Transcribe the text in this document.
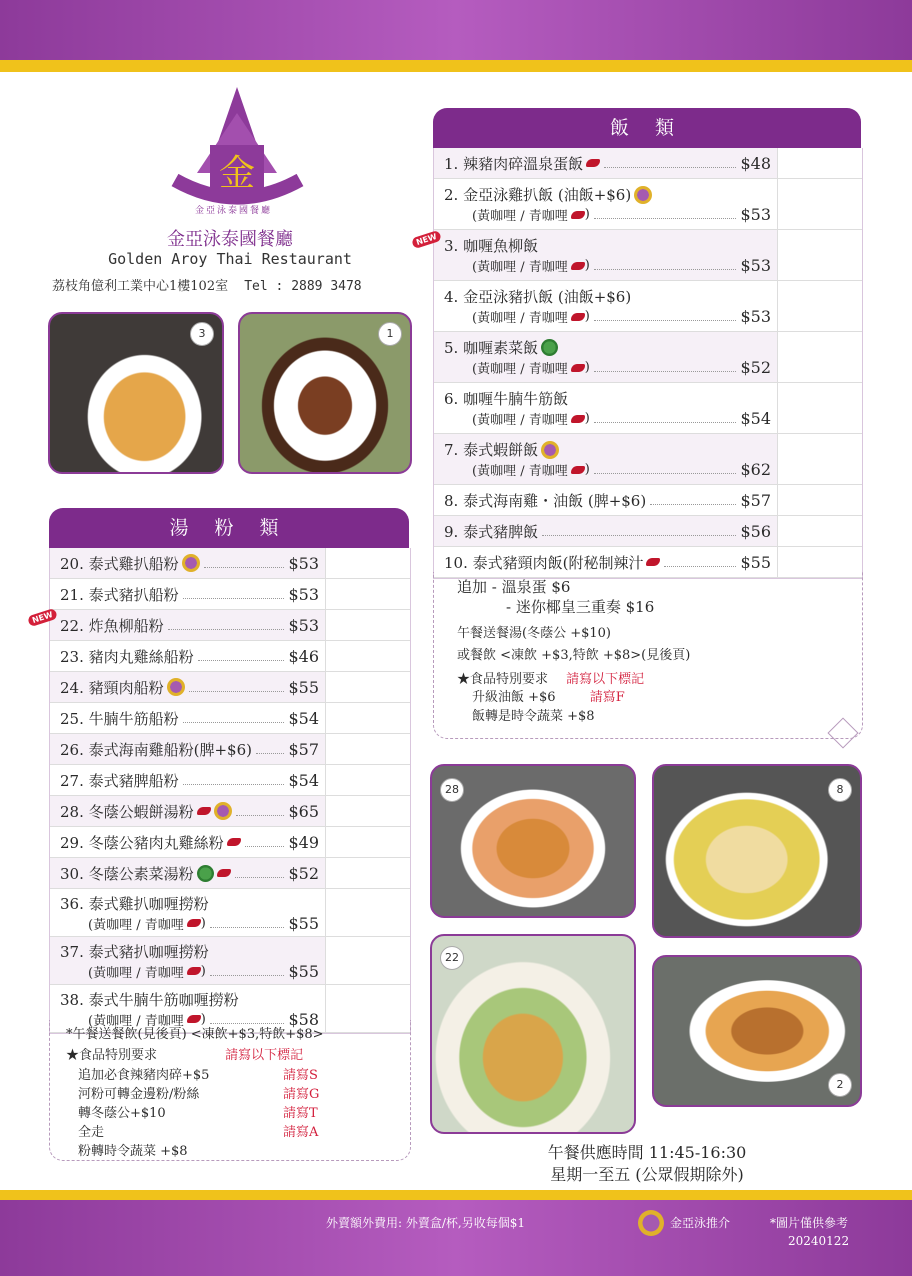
金
金亞泳泰國餐廳
金亞泳泰國餐廳
Golden Aroy Thai Restaurant
荔枝角億利工業中心1樓102室 Tel : 2889 3478
3	1
飯 類
1. 辣豬肉碎溫泉蛋飯	$48
2. 金亞泳雞扒飯 (油飯+$6)
(黃咖哩 / 青咖哩 )	$53
3. 咖喱魚柳飯
(黃咖哩 / 青咖哩 )	$53
NEW
4. 金亞泳豬扒飯 (油飯+$6)
(黃咖哩 / 青咖哩 )	$53
5. 咖喱素菜飯
(黃咖哩 / 青咖哩 )	$52
6. 咖喱牛腩牛筋飯
(黃咖哩 / 青咖哩 )	$54
7. 泰式蝦餅飯
(黃咖哩 / 青咖哩 )	$62
8. 泰式海南雞・油飯 (脾+$6)	$57
9. 泰式豬脾飯	$56
10. 泰式豬頸肉飯(附秘制辣汁	$55
追加 - 溫泉蛋 $6
- 迷你椰皇三重奏 $16
午餐送餐湯(冬蔭公 +$10)
或餐飲 <凍飲 +$3,特飲 +$8>(見後頁)
★食品特別要求 請寫以下標記
升級油飯 +$6	請寫F
飯轉是時令蔬菜 +$8
湯 粉 類
20. 泰式雞扒船粉	$53
21. 泰式豬扒船粉	$53
22. 炸魚柳船粉	$53
NEW
23. 豬肉丸雞絲船粉	$46
24. 豬頸肉船粉	$55
25. 牛腩牛筋船粉	$54
26. 泰式海南雞船粉(脾+$6) $57
27. 泰式豬脾船粉	$54
28. 冬蔭公蝦餅湯粉	$65
29. 冬蔭公豬肉丸雞絲粉	$49
30. 冬蔭公素菜湯粉	$52
36. 泰式雞扒咖喱撈粉
(黃咖哩 / 青咖哩 )	$55
37. 泰式豬扒咖喱撈粉
(黃咖哩 / 青咖哩 )	$55
38. 泰式牛腩牛筋咖喱撈粉
(黃咖哩 / 青咖哩 )	$58
*午餐送餐飲(見後頁) <凍飲+$3,特飲+$8>
★食品特別要求	請寫以下標記
追加必食辣豬肉碎+$5	請寫S
河粉可轉金邊粉/粉絲	請寫G
轉冬蔭公+$10	請寫T
全走	請寫A
粉轉時令蔬菜 +$8
28	8
22
2
午餐供應時間 11:45-16:30
星期一至五 (公眾假期除外)
外賣額外費用: 外賣盒/杯,另收每個$1	金亞泳推介	*圖片僅供參考
20240122
